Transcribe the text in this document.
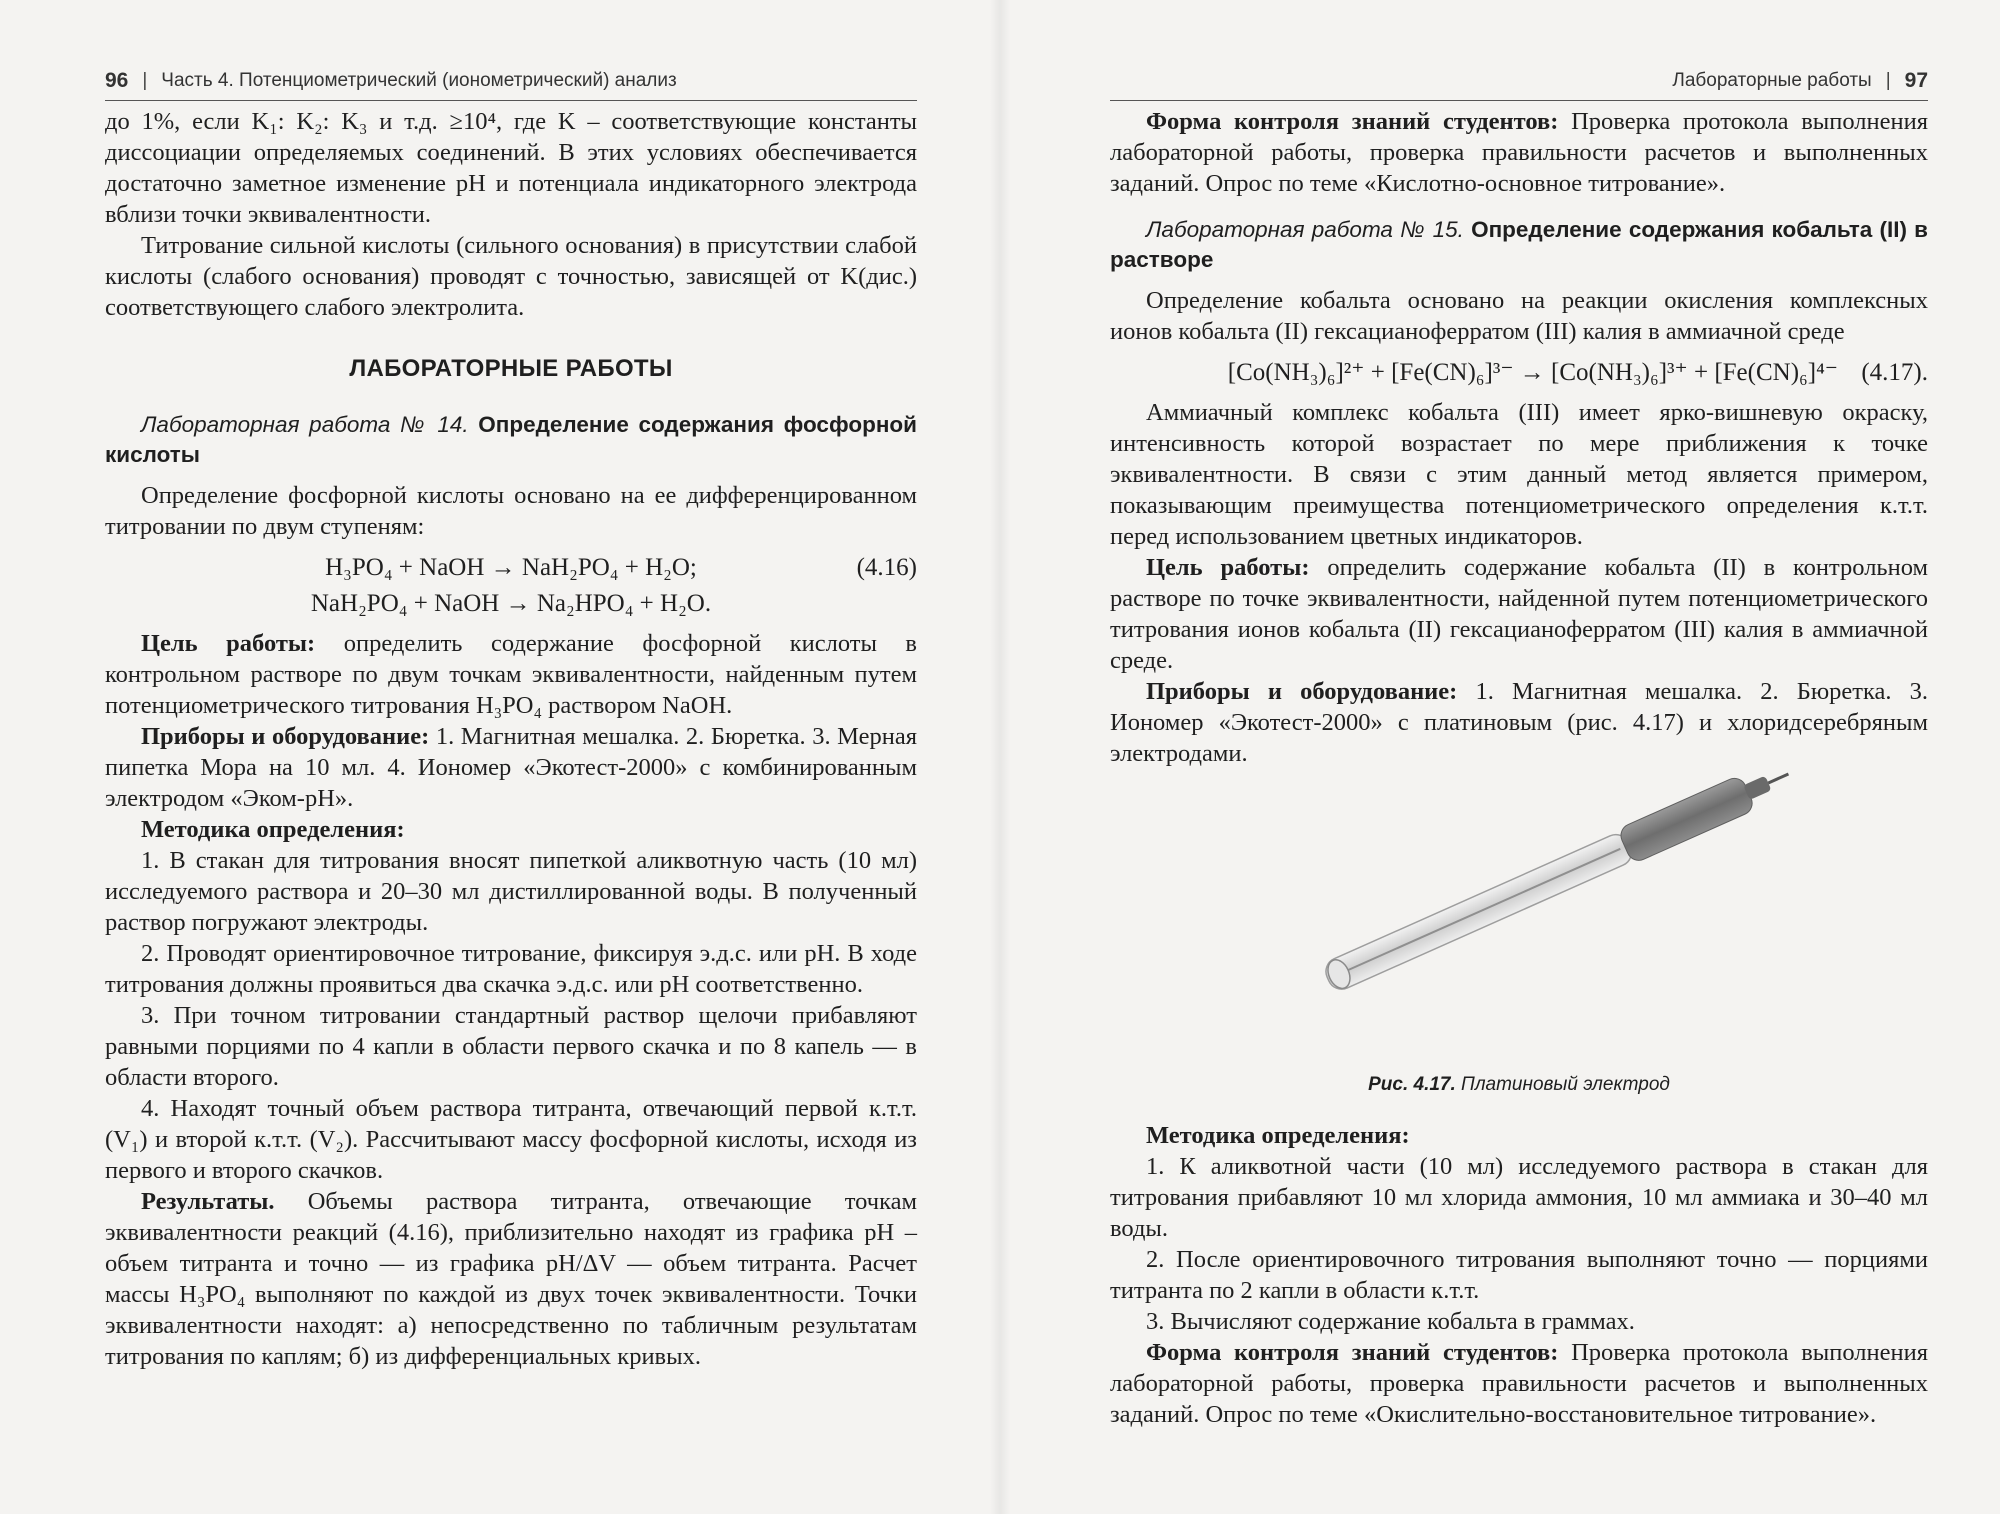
96 | Часть 4. Потенциометрический (ионометрический) анализ

до 1%, если K₁: K₂: K₃ и т.д. ≥10⁴, где K – соответствующие константы диссоциации определяемых соединений. В этих условиях обеспечивается достаточно заметное изменение pH и потенциала индикаторного электрода вблизи точки эквивалентности.

Титрование сильной кислоты (сильного основания) в присутствии слабой кислоты (слабого основания) проводят с точностью, зависящей от K(дис.) соответствующего слабого электролита.

ЛАБОРАТОРНЫЕ РАБОТЫ

Лабораторная работа № 14. Определение содержания фосфорной кислоты

Определение фосфорной кислоты основано на ее дифференцированном титровании по двум ступеням:

H₃PO₄ + NaOH → NaH₂PO₄ + H₂O;	(4.16)
NaH₂PO₄ + NaOH → Na₂HPO₄ + H₂O.

Цель работы: определить содержание фосфорной кислоты в контрольном растворе по двум точкам эквивалентности, найденным путем потенциометрического титрования H₃PO₄ раствором NaOH.

Приборы и оборудование: 1. Магнитная мешалка. 2. Бюретка. 3. Мерная пипетка Мора на 10 мл. 4. Иономер «Экотест-2000» с комбинированным электродом «Эком-pH».

Методика определения:

1. В стакан для титрования вносят пипеткой аликвотную часть (10 мл) исследуемого раствора и 20–30 мл дистиллированной воды. В полученный раствор погружают электроды.

2. Проводят ориентировочное титрование, фиксируя э.д.с. или pH. В ходе титрования должны проявиться два скачка э.д.с. или pH соответственно.

3. При точном титровании стандартный раствор щелочи прибавляют равными порциями по 4 капли в области первого скачка и по 8 капель — в области второго.

4. Находят точный объем раствора титранта, отвечающий первой к.т.т. (V₁) и второй к.т.т. (V₂). Рассчитывают массу фосфорной кислоты, исходя из первого и второго скачков.

Результаты. Объемы раствора титранта, отвечающие точкам эквивалентности реакций (4.16), приблизительно находят из графика pH – объем титранта и точно — из графика pH/ΔV — объем титранта. Расчет массы H₃PO₄ выполняют по каждой из двух точек эквивалентности. Точки эквивалентности находят: а) непосредственно по табличным результатам титрования по каплям; б) из дифференциальных кривых.

Лабораторные работы | 97

Форма контроля знаний студентов: Проверка протокола выполнения лабораторной работы, проверка правильности расчетов и выполненных заданий. Опрос по теме «Кислотно-основное титрование».

Лабораторная работа № 15. Определение содержания кобальта (II) в растворе

Определение кобальта основано на реакции окисления комплексных ионов кобальта (II) гексацианоферратом (III) калия в аммиачной среде

[Co(NH₃)₆]²⁺ + [Fe(CN)₆]³⁻ → [Co(NH₃)₆]³⁺ + [Fe(CN)₆]⁴⁻ (4.17).

Аммиачный комплекс кобальта (III) имеет ярко-вишневую окраску, интенсивность которой возрастает по мере приближения к точке эквивалентности. В связи с этим данный метод является примером, показывающим преимущества потенциометрического определения к.т.т. перед использованием цветных индикаторов.

Цель работы: определить содержание кобальта (II) в контрольном растворе по точке эквивалентности, найденной путем потенциометрического титрования ионов кобальта (II) гексацианоферратом (III) калия в аммиачной среде.

Приборы и оборудование: 1. Магнитная мешалка. 2. Бюретка. 3. Иономер «Экотест-2000» с платиновым (рис. 4.17) и хлоридсеребряным электродами.

Рис. 4.17. Платиновый электрод

Методика определения:

1. К аликвотной части (10 мл) исследуемого раствора в стакан для титрования прибавляют 10 мл хлорида аммония, 10 мл аммиака и 30–40 мл воды.

2. После ориентировочного титрования выполняют точно — порциями титранта по 2 капли в области к.т.т.

3. Вычисляют содержание кобальта в граммах.

Форма контроля знаний студентов: Проверка протокола выполнения лабораторной работы, проверка правильности расчетов и выполненных заданий. Опрос по теме «Окислительно-восстановительное титрование».
